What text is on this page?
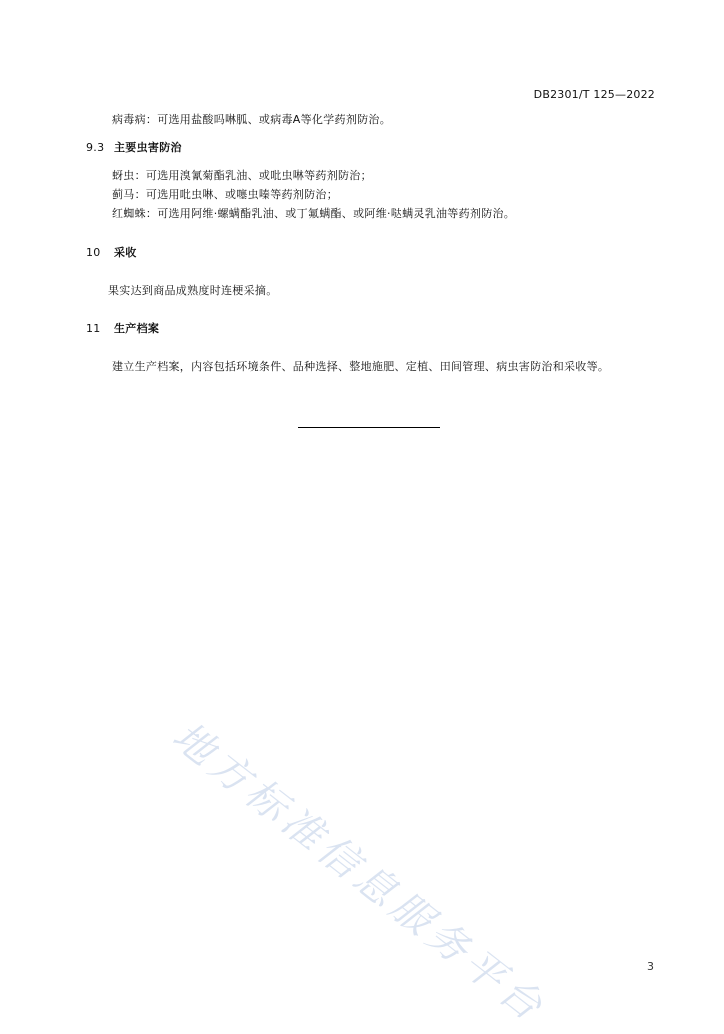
DB2301/T 125—2022
病毒病：可选用盐酸吗啉胍、或病毒A等化学药剂防治。
9.3 主要虫害防治
蚜虫：可选用溴氰菊酯乳油、或吡虫啉等药剂防治；
蓟马：可选用吡虫啉、或噻虫嗪等药剂防治；
红蜘蛛：可选用阿维·螺螨酯乳油、或丁氟螨酯、或阿维·哒螨灵乳油等药剂防治。
10 采收
果实达到商品成熟度时连梗采摘。
11 生产档案
建立生产档案，内容包括环境条件、品种选择、整地施肥、定植、田间管理、病虫害防治和采收等。
地方标准信息服务平台	3
